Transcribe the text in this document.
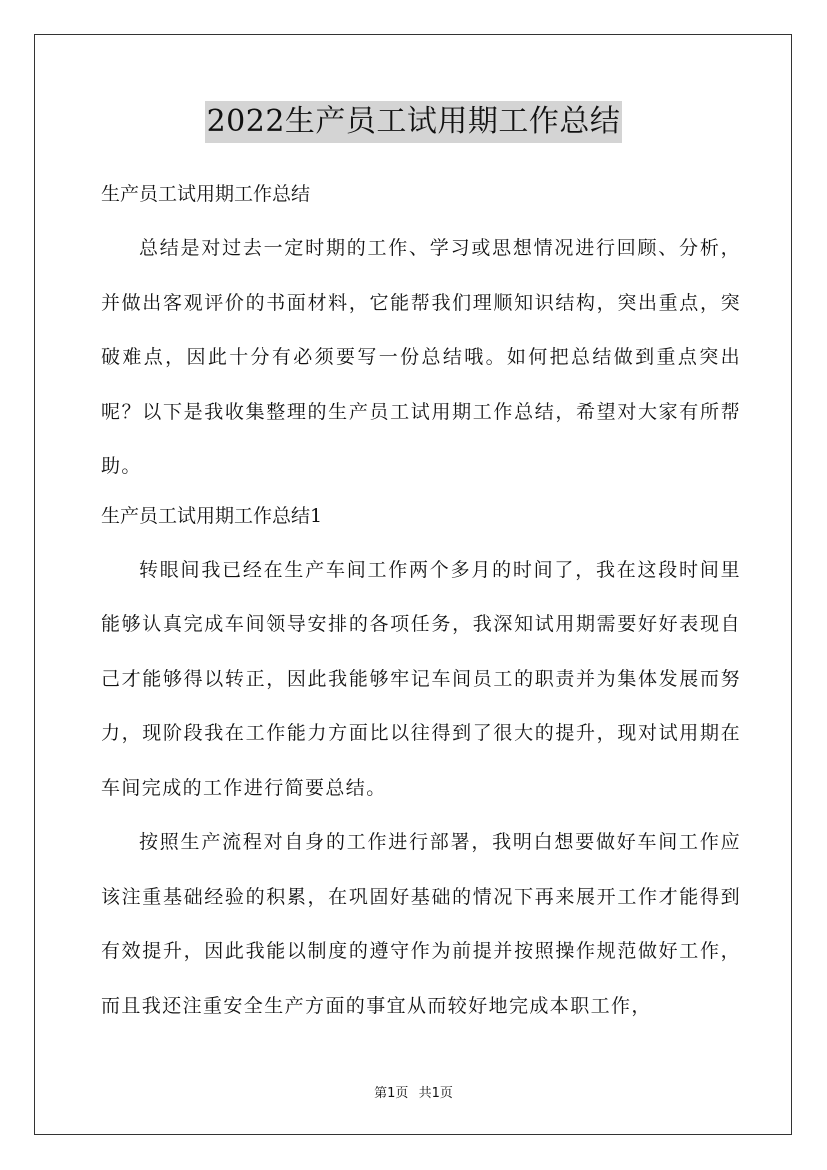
2022生产员工试用期工作总结
生产员工试用期工作总结

总结是对过去一定时期的工作、学习或思想情况进行回顾、分析，并做出客观评价的书面材料，它能帮我们理顺知识结构，突出重点，突破难点，因此十分有必须要写一份总结哦。如何把总结做到重点突出呢？以下是我收集整理的生产员工试用期工作总结，希望对大家有所帮助。

生产员工试用期工作总结1

转眼间我已经在生产车间工作两个多月的时间了，我在这段时间里能够认真完成车间领导安排的各项任务，我深知试用期需要好好表现自己才能够得以转正，因此我能够牢记车间员工的职责并为集体发展而努力，现阶段我在工作能力方面比以往得到了很大的提升，现对试用期在车间完成的工作进行简要总结。

按照生产流程对自身的工作进行部署，我明白想要做好车间工作应该注重基础经验的积累，在巩固好基础的情况下再来展开工作才能得到有效提升，因此我能以制度的遵守作为前提并按照操作规范做好工作，而且我还注重安全生产方面的事宜从而较好地完成本职工作，

第1页 共1页
